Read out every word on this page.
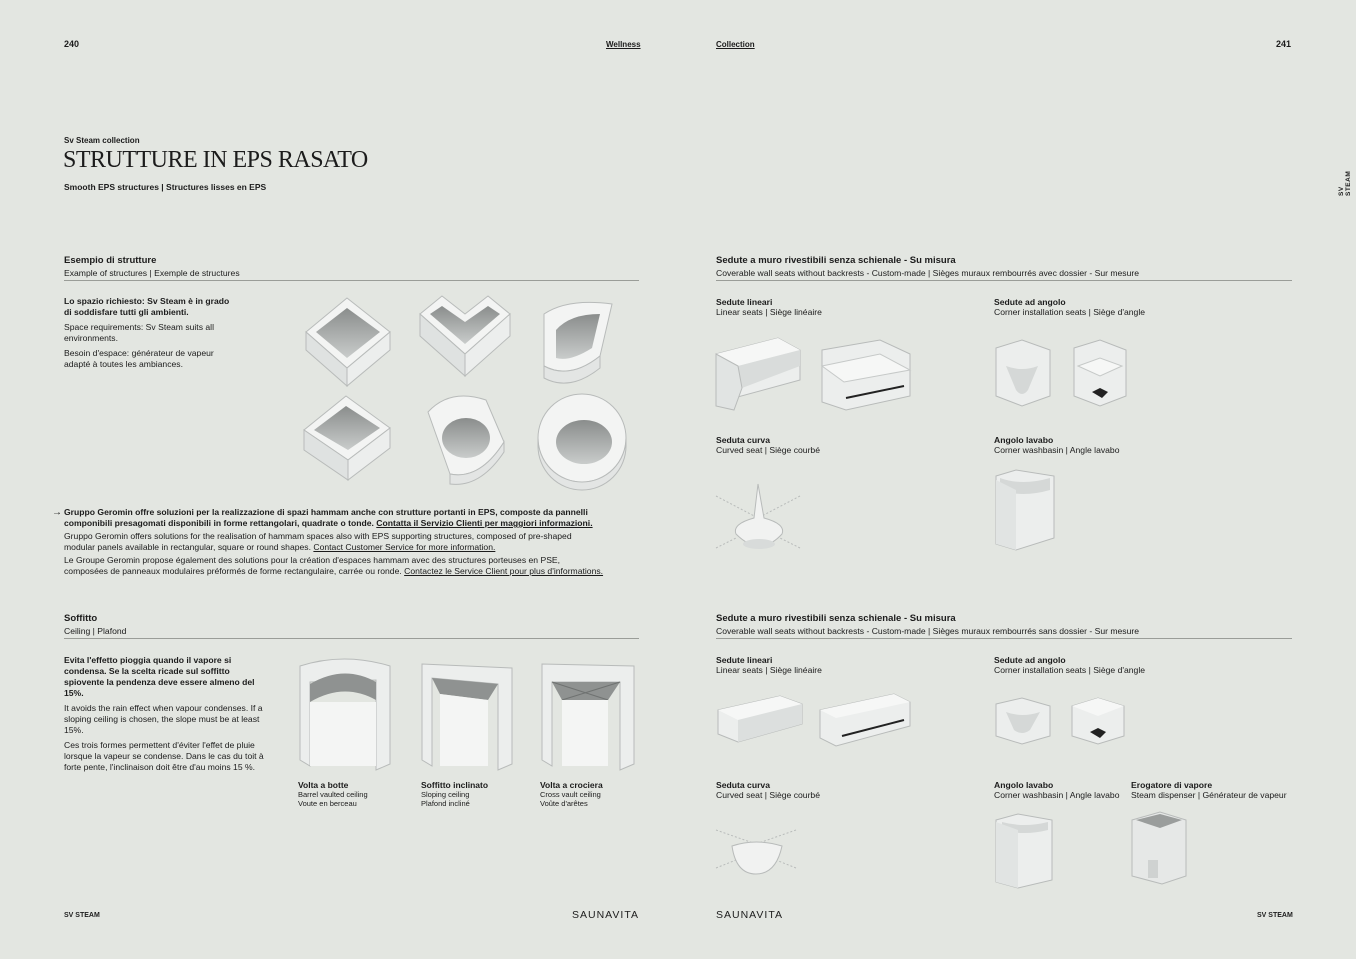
240	Wellness	Collection	241
SV STEAM
Sv Steam collection
STRUTTURE IN EPS RASATO
Smooth EPS structures | Structures lisses en EPS
Esempio di strutture
Example of structures | Exemple de structures

Lo spazio richiesto: Sv Steam è in grado di soddisfare tutti gli ambienti.

Space requirements: Sv Steam suits all environments.

Besoin d'espace: générateur de vapeur adapté à toutes les ambiances.

→ Gruppo Geromin offre soluzioni per la realizzazione di spazi hammam anche con strutture portanti in EPS, composte da pannelli componibili presagomati disponibili in forme rettangolari, quadrate o tonde. Contatta il Servizio Clienti per maggiori informazioni.

Gruppo Geromin offers solutions for the realisation of hammam spaces also with EPS supporting structures, composed of pre-shaped modular panels available in rectangular, square or round shapes. Contact Customer Service for more information.

Le Groupe Geromin propose également des solutions pour la création d'espaces hammam avec des structures porteuses en PSE, composées de panneaux modulaires préformés de forme rectangulaire, carrée ou ronde. Contactez le Service Client pour plus d'informations.

Soffitto
Ceiling | Plafond

Evita l'effetto pioggia quando il vapore si condensa. Se la scelta ricade sul soffitto spiovente la pendenza deve essere almeno del 15%.

It avoids the rain effect when vapour condenses. If a sloping ceiling is chosen, the slope must be at least 15%.

Ces trois formes permettent d'éviter l'effet de pluie lorsque la vapeur se condense. Dans le cas du toit à forte pente, l'inclinaison doit être d'au moins 15 %.

Volta a botte
Barrel vaulted ceiling
Voute en berceau
Soffitto inclinato
Sloping ceiling
Plafond incliné
Volta a crociera
Cross vault ceiling
Voûte d'arêtes
Sedute a muro rivestibili senza schienale - Su misura
Coverable wall seats without backrests - Custom-made | Sièges muraux rembourrés avec dossier - Sur mesure
Sedute lineari
Linear seats | Siège linéaire
Sedute ad angolo
Corner installation seats | Siège d'angle
Seduta curva
Curved seat | Siège courbé
Angolo lavabo
Corner washbasin | Angle lavabo
Sedute a muro rivestibili senza schienale - Su misura
Coverable wall seats without backrests - Custom-made | Sièges muraux rembourrés sans dossier - Sur mesure
Sedute lineari
Linear seats | Siège linéaire
Sedute ad angolo
Corner installation seats | Siège d'angle
Seduta curva
Curved seat | Siège courbé
Angolo lavabo
Corner washbasin | Angle lavabo
Erogatore di vapore
Steam dispenser | Générateur de vapeur
SV STEAM	SAUNAVITA	SAUNAVITA	SV STEAM
